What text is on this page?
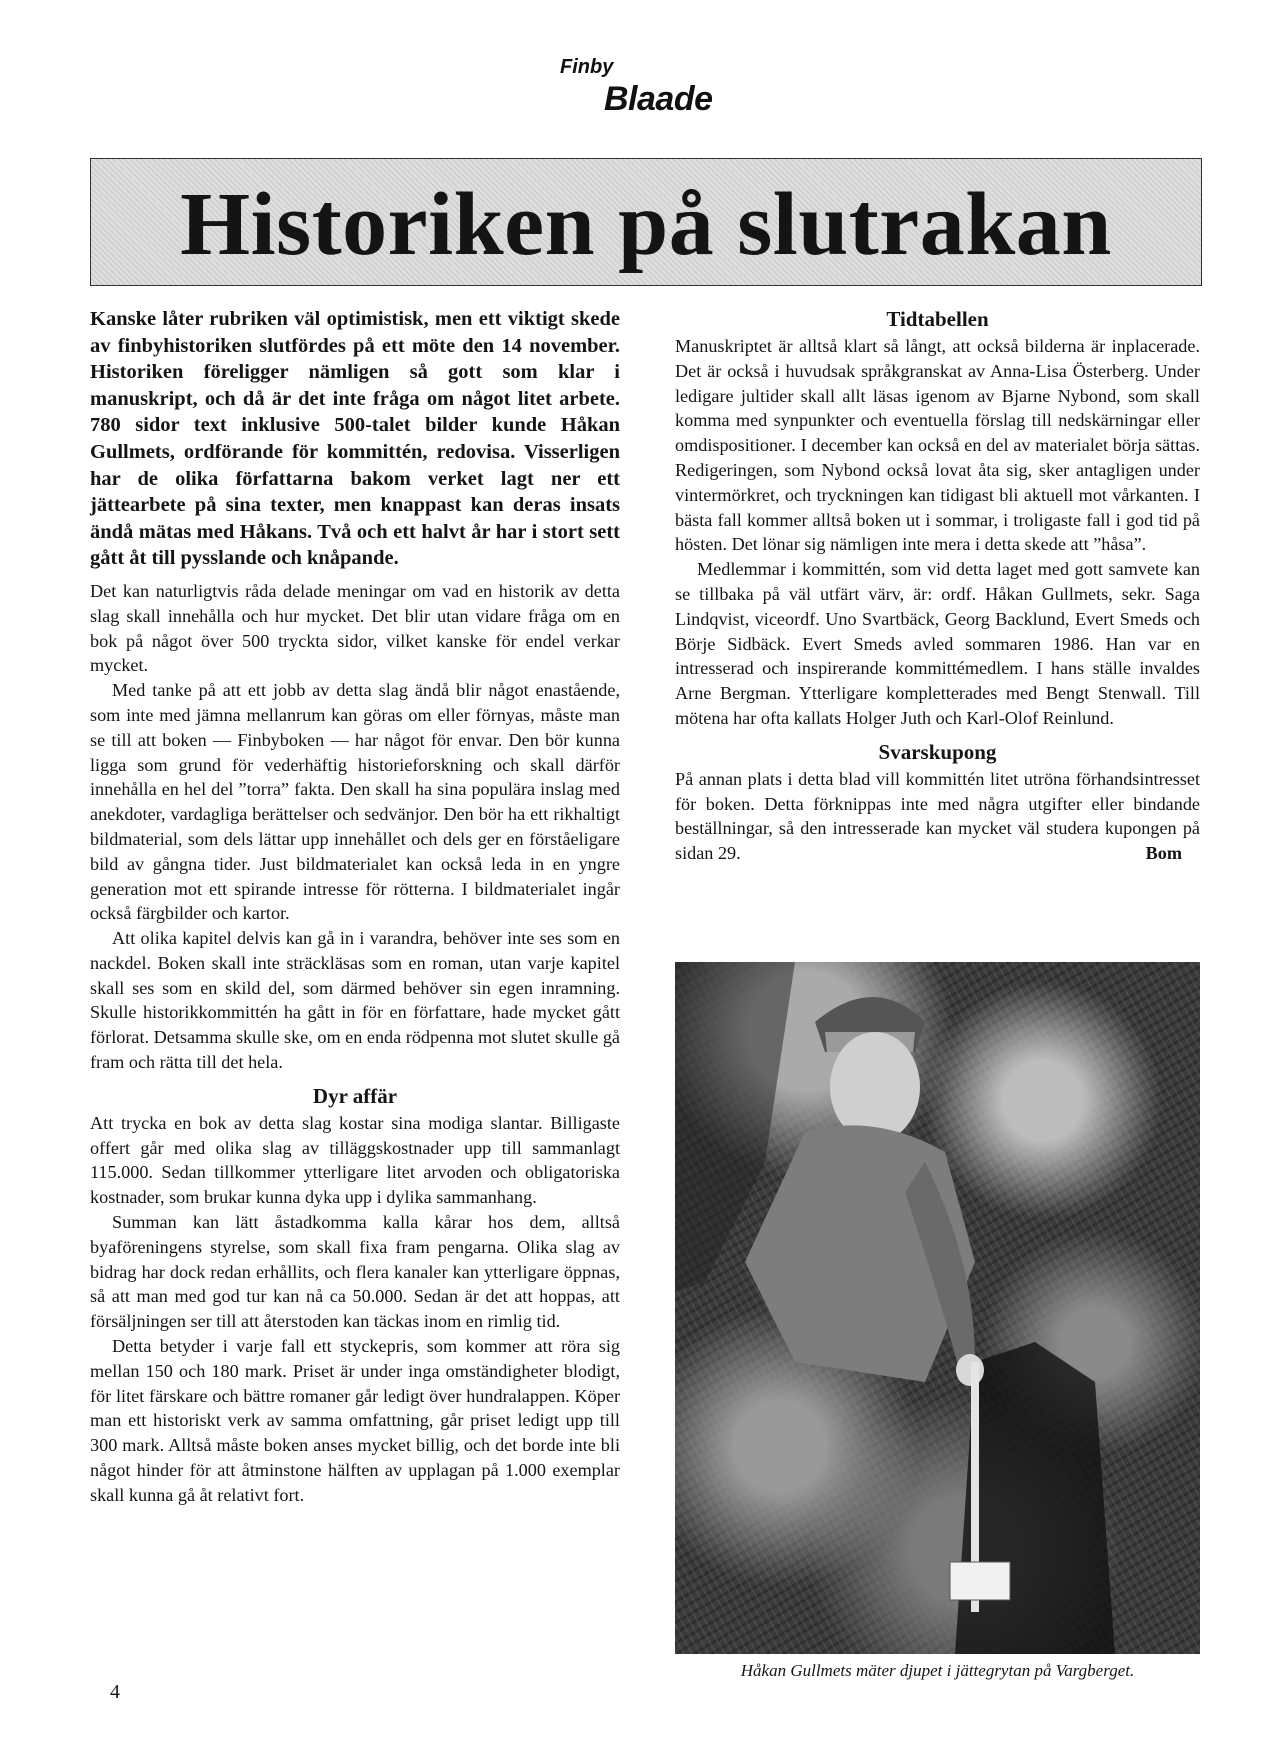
Finby
Blaade
Historiken på slutrakan

Kanske låter rubriken väl optimistisk, men ett viktigt skede av finbyhistoriken slutfördes på ett möte den 14 november. Historiken föreligger nämligen så gott som klar i manuskript, och då är det inte fråga om något litet arbete. 780 sidor text inklusive 500-talet bilder kunde Håkan Gullmets, ordförande för kommittén, redovisa. Visserligen har de olika författarna bakom verket lagt ner ett jättearbete på sina texter, men knappast kan deras insats ändå mätas med Håkans. Två och ett halvt år har i stort sett gått åt till pysslande och knåpande.

Det kan naturligtvis råda delade meningar om vad en historik av detta slag skall innehålla och hur mycket. Det blir utan vidare fråga om en bok på något över 500 tryckta sidor, vilket kanske för endel verkar mycket.

Med tanke på att ett jobb av detta slag ändå blir något enastående, som inte med jämna mellanrum kan göras om eller förnyas, måste man se till att boken — Finbyboken — har något för envar. Den bör kunna ligga som grund för vederhäftig historieforskning och skall därför innehålla en hel del ”torra” fakta. Den skall ha sina populära inslag med anekdoter, vardagliga berättelser och sedvänjor. Den bör ha ett rikhaltigt bildmaterial, som dels lättar upp innehållet och dels ger en förståeligare bild av gångna tider. Just bildmaterialet kan också leda in en yngre generation mot ett spirande intresse för rötterna. I bildmaterialet ingår också färgbilder och kartor.

Att olika kapitel delvis kan gå in i varandra, behöver inte ses som en nackdel. Boken skall inte sträckläsas som en roman, utan varje kapitel skall ses som en skild del, som därmed behöver sin egen inramning. Skulle historikkommittén ha gått in för en författare, hade mycket gått förlorat. Detsamma skulle ske, om en enda rödpenna mot slutet skulle gå fram och rätta till det hela.

Dyr affär

Att trycka en bok av detta slag kostar sina modiga slantar. Billigaste offert går med olika slag av tilläggskostnader upp till sammanlagt 115.000. Sedan tillkommer ytterligare litet arvoden och obligatoriska kostnader, som brukar kunna dyka upp i dylika sammanhang.

Summan kan lätt åstadkomma kalla kårar hos dem, alltså byaföreningens styrelse, som skall fixa fram pengarna. Olika slag av bidrag har dock redan erhållits, och flera kanaler kan ytterligare öppnas, så att man med god tur kan nå ca 50.000. Sedan är det att hoppas, att försäljningen ser till att återstoden kan täckas inom en rimlig tid.

Detta betyder i varje fall ett styckepris, som kommer att röra sig mellan 150 och 180 mark. Priset är under inga omständigheter blodigt, för litet färskare och bättre romaner går ledigt över hundralappen. Köper man ett historiskt verk av samma omfattning, går priset ledigt upp till 300 mark. Alltså måste boken anses mycket billig, och det borde inte bli något hinder för att åtminstone hälften av upplagan på 1.000 exemplar skall kunna gå åt relativt fort.

Tidtabellen

Manuskriptet är alltså klart så långt, att också bilderna är inplacerade. Det är också i huvudsak språkgranskat av Anna-Lisa Österberg. Under ledigare jultider skall allt läsas igenom av Bjarne Nybond, som skall komma med synpunkter och eventuella förslag till nedskärningar eller omdispositioner. I december kan också en del av materialet börja sättas. Redigeringen, som Nybond också lovat åta sig, sker antagligen under vintermörkret, och tryckningen kan tidigast bli aktuell mot vårkanten. I bästa fall kommer alltså boken ut i sommar, i troligaste fall i god tid på hösten. Det lönar sig nämligen inte mera i detta skede att ”håsa”.

Medlemmar i kommittén, som vid detta laget med gott samvete kan se tillbaka på väl utfärt värv, är: ordf. Håkan Gullmets, sekr. Saga Lindqvist, viceordf. Uno Svartbäck, Georg Backlund, Evert Smeds och Börje Sidbäck. Evert Smeds avled sommaren 1986. Han var en intresserad och inspirerande kommittémedlem. I hans ställe invaldes Arne Bergman. Ytterligare kompletterades med Bengt Stenwall. Till mötena har ofta kallats Holger Juth och Karl-Olof Reinlund.

Svarskupong

På annan plats i detta blad vill kommittén litet utröna förhandsintresset för boken. Detta förknippas inte med några utgifter eller bindande beställningar, så den intresserade kan mycket väl studera kupongen på sidan 29.	Bom

Håkan Gullmets mäter djupet i jättegrytan på Vargberget.
4
